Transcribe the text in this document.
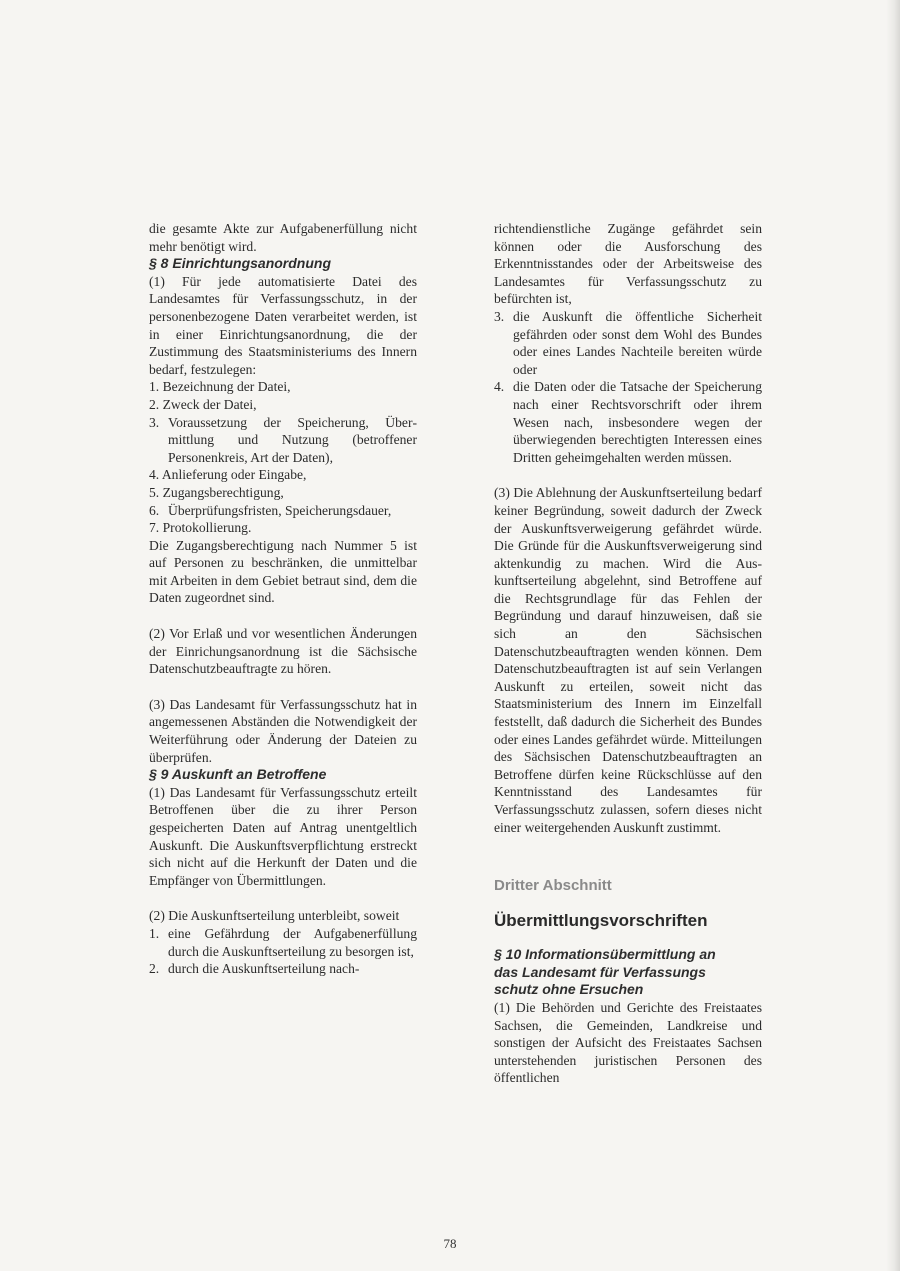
die gesamte Akte zur Aufgabenerfüllung nicht mehr benötigt wird.

§ 8 Einrichtungsanordnung

(1) Für jede automatisierte Datei des Landesamtes für Verfassungsschutz, in der personenbezogene Daten verarbeitet werden, ist in einer Einrichtungsanordnung, die der Zustimmung des Staatsministeriums des Innern bedarf, festzulegen:

1. Bezeichnung der Datei,
2. Zweck der Datei,
3. Voraussetzung der Speicherung, Übermittlung und Nutzung (betroffener Personenkreis, Art der Daten),
4. Anlieferung oder Eingabe,
5. Zugangsberechtigung,
6. Überprüfungsfristen, Speicherungsdauer,
7. Protokollierung.

Die Zugangsberechtigung nach Nummer 5 ist auf Personen zu beschränken, die unmittelbar mit Arbeiten in dem Gebiet betraut sind, dem die Daten zugeordnet sind.

(2) Vor Erlaß und vor wesentlichen Änderungen der Einrichungsanordnung ist die Sächsische Datenschutzbeauftragte zu hören.

(3) Das Landesamt für Verfassungsschutz hat in angemessenen Abständen die Notwendigkeit der Weiterführung oder Änderung der Dateien zu überprüfen.

§ 9 Auskunft an Betroffene

(1) Das Landesamt für Verfassungsschutz erteilt Betroffenen über die zu ihrer Person gespeicherten Daten auf Antrag unentgeltlich Auskunft. Die Auskunftsverpflichtung erstreckt sich nicht auf die Herkunft der Daten und die Empfänger von Übermittlungen.

(2) Die Auskunftserteilung unterbleibt, soweit

1. eine Gefährdung der Aufgabenerfüllung durch die Auskunftserteilung zu besorgen ist,
2. durch die Auskunftserteilung nach-

richtendienstliche Zugänge gefährdet sein können oder die Ausforschung des Erkenntnisstandes oder der Arbeitsweise des Landesamtes für Verfassungsschutz zu befürchten ist,

3. die Auskunft die öffentliche Sicherheit gefährden oder sonst dem Wohl des Bundes oder eines Landes Nachteile bereiten würde oder
4. die Daten oder die Tatsache der Speicherung nach einer Rechtsvorschrift oder ihrem Wesen nach, insbesondere wegen der überwiegenden berechtigten Interessen eines Dritten geheimgehalten werden müssen.

(3) Die Ablehnung der Auskunftserteilung bedarf keiner Begründung, soweit dadurch der Zweck der Auskunftsverweigerung gefährdet würde. Die Gründe für die Auskunftsverweigerung sind aktenkundig zu machen. Wird die Auskunftserteilung abgelehnt, sind Betroffene auf die Rechtsgrundlage für das Fehlen der Begründung und darauf hinzuweisen, daß sie sich an den Sächsischen Datenschutzbeauftragten wenden können. Dem Datenschutzbeauftragten ist auf sein Verlangen Auskunft zu erteilen, soweit nicht das Staatsministerium des Innern im Einzelfall feststellt, daß dadurch die Sicherheit des Bundes oder eines Landes gefährdet würde. Mitteilungen des Sächsischen Datenschutzbeauftragten an Betroffene dürfen keine Rückschlüsse auf den Kenntnisstand des Landesamtes für Verfassungsschutz zulassen, sofern dieses nicht einer weitergehenden Auskunft zustimmt.

Dritter Abschnitt
Übermittlungsvorschriften
§ 10 Informationsübermittlung an
das Landesamt für Verfassungs
schutz ohne Ersuchen

(1) Die Behörden und Gerichte des Freistaates Sachsen, die Gemeinden, Landkreise und sonstigen der Aufsicht des Freistaates Sachsen unterstehenden juristischen Personen des öffentlichen

78
